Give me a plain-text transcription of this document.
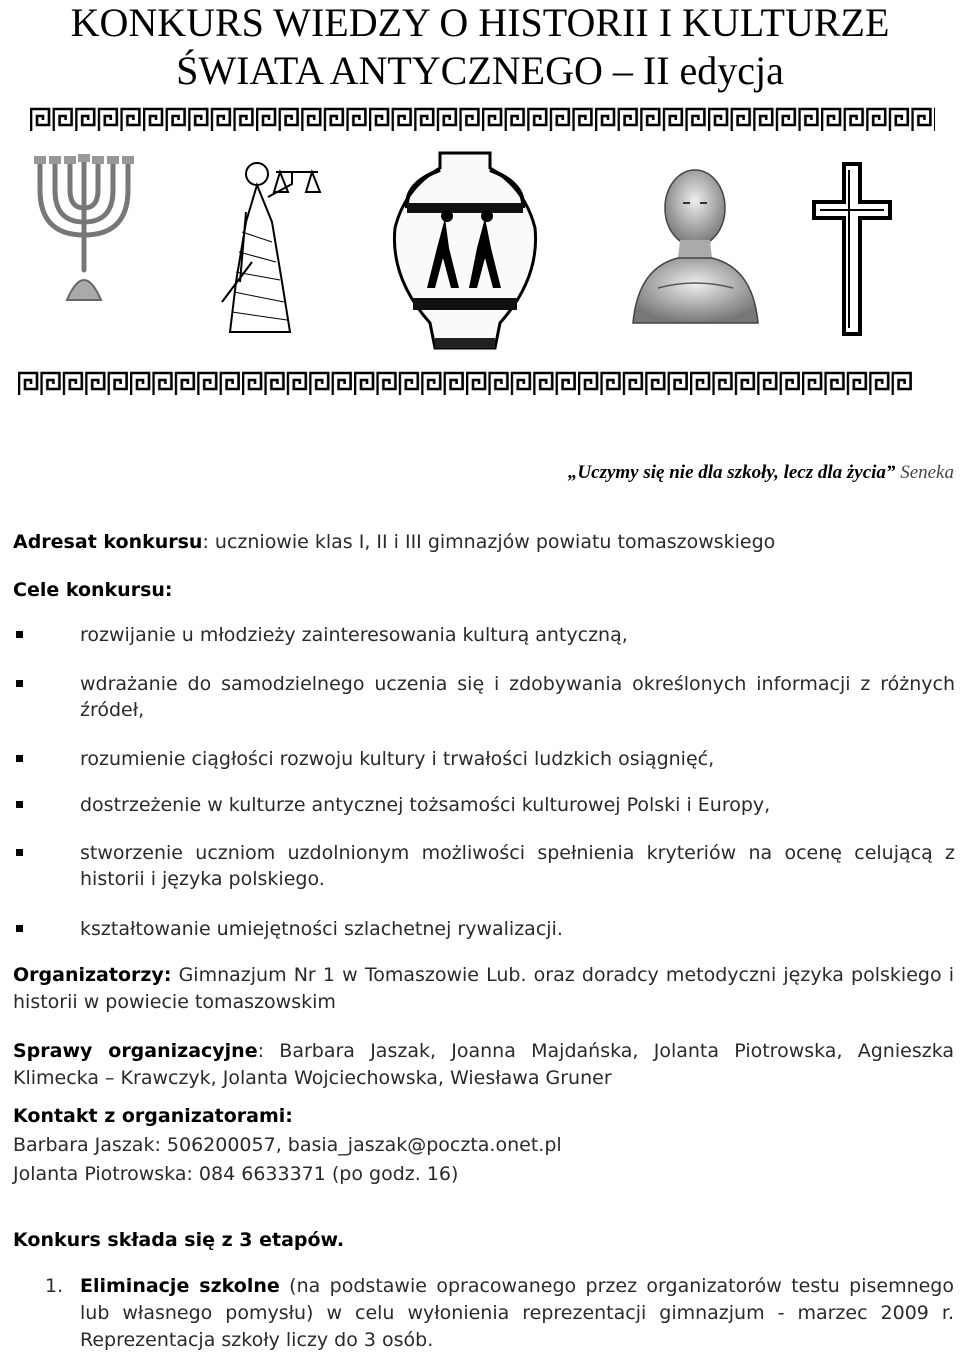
KONKURS WIEDZY O HISTORII I KULTURZE
ŚWIATA ANTYCZNEGO – II edycja
„Uczymy się nie dla szkoły, lecz dla życia” Seneka
Adresat konkursu: uczniowie klas I, II i III gimnazjów powiatu tomaszowskiego
Cele konkursu:
rozwijanie u młodzieży zainteresowania kulturą antyczną,
wdrażanie do samodzielnego uczenia się i zdobywania określonych informacji z różnych źródeł,
rozumienie ciągłości rozwoju kultury i trwałości ludzkich osiągnięć,
dostrzeżenie w kulturze antycznej tożsamości kulturowej Polski i Europy,
stworzenie uczniom uzdolnionym możliwości spełnienia kryteriów na ocenę celującą z historii i języka polskiego.
kształtowanie umiejętności szlachetnej rywalizacji.
Organizatorzy: Gimnazjum Nr 1 w Tomaszowie Lub. oraz doradcy metodyczni języka polskiego i historii w powiecie tomaszowskim
Sprawy organizacyjne: Barbara Jaszak, Joanna Majdańska, Jolanta Piotrowska, Agnieszka Klimecka – Krawczyk, Jolanta Wojciechowska, Wiesława Gruner
Kontakt z organizatorami:
Barbara Jaszak: 506200057, basia_jaszak@poczta.onet.pl
Jolanta Piotrowska: 084 6633371 (po godz. 16)
Konkurs składa się z 3 etapów.
1. Eliminacje szkolne (na podstawie opracowanego przez organizatorów testu pisemnego lub własnego pomysłu) w celu wyłonienia reprezentacji gimnazjum - marzec 2009 r. Reprezentacja szkoły liczy do 3 osób.
